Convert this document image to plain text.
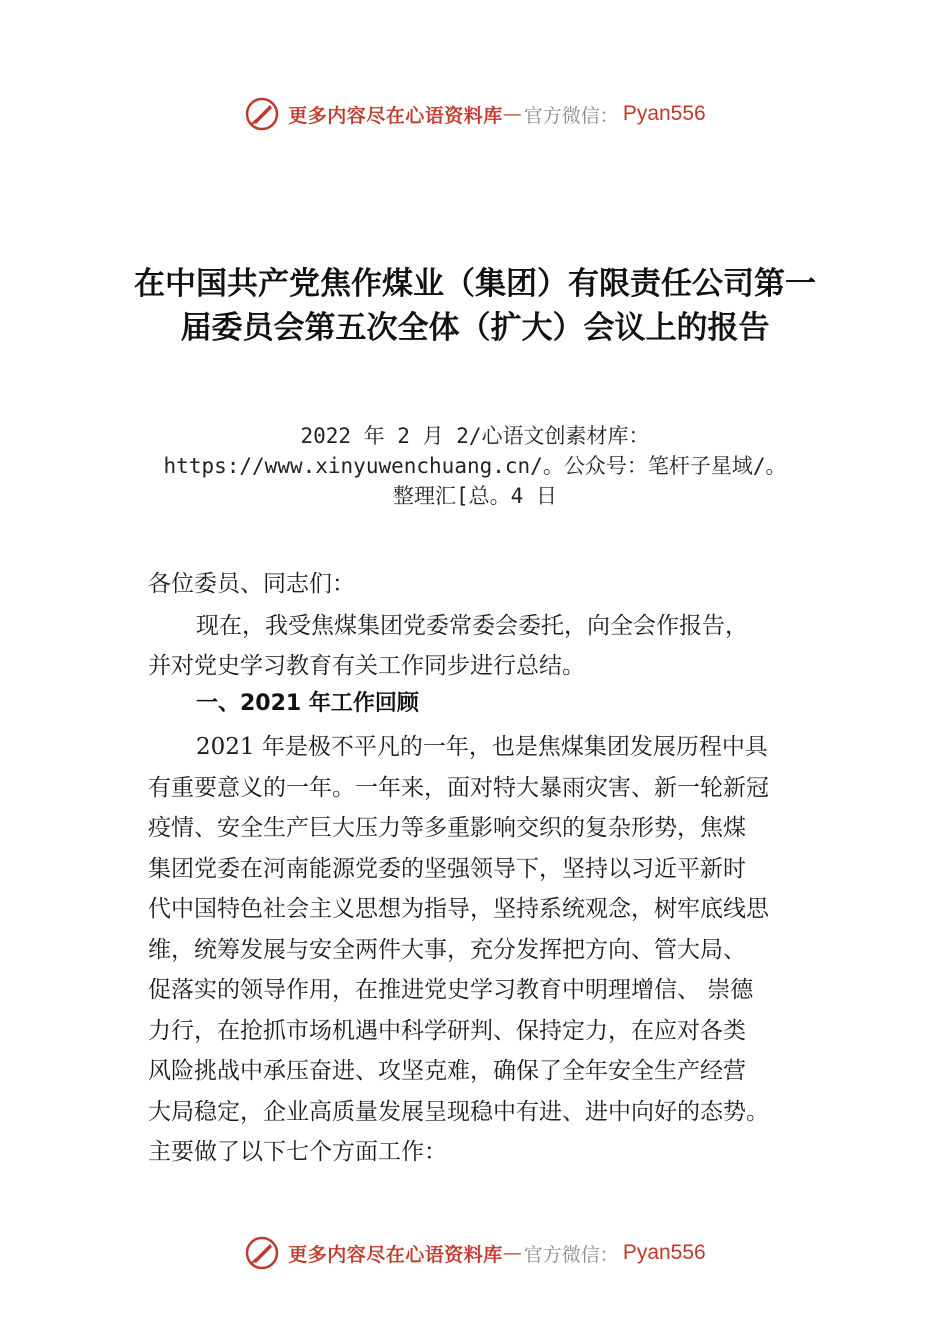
更多内容尽在心语资料库 — 官方微信： Pyan556
在中国共产党焦作煤业（集团）有限责任公司第一届委员会第五次全体（扩大）会议上的报告
2022 年 2 月 2/心语文创素材库：
https://www.xinyuwenchuang.cn/。公众号：笔杆子星域/。
整理汇[总。4 日
各位委员、同志们：
现在，我受焦煤集团党委常委会委托，向全会作报告，
并对党史学习教育有关工作同步进行总结。
一、2021 年工作回顾
2021 年是极不平凡的一年，也是焦煤集团发展历程中具
有重要意义的一年。一年来，面对特大暴雨灾害、新一轮新冠
疫情、安全生产巨大压力等多重影响交织的复杂形势，焦煤
集团党委在河南能源党委的坚强领导下，坚持以习近平新时
代中国特色社会主义思想为指导，坚持系统观念，树牢底线思
维，统筹发展与安全两件大事，充分发挥把方向、管大局、
促落实的领导作用，在推进党史学习教育中明理增信、 崇德
力行，在抢抓市场机遇中科学研判、保持定力，在应对各类
风险挑战中承压奋进、攻坚克难，确保了全年安全生产经营
大局稳定，企业高质量发展呈现稳中有进、进中向好的态势。
主要做了以下七个方面工作：
更多内容尽在心语资料库 — 官方微信： Pyan556
